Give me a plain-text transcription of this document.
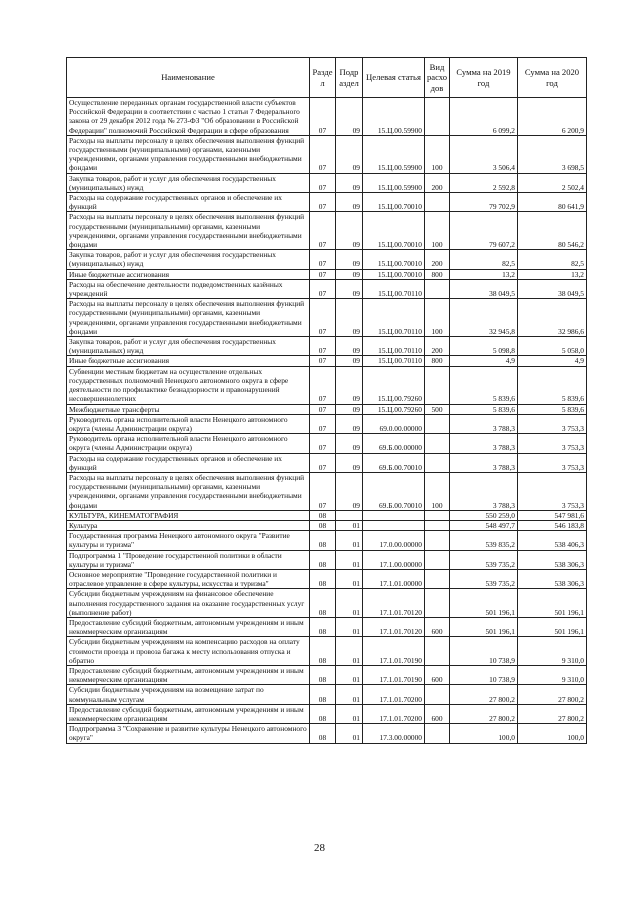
Наименование	Разде л	Подр аздел	Целевая статья	Вид расхо дов	Сумма на 2019 год	Сумма на 2020 год
Осуществление переданных органам государственной власти субъектов Российской Федерации в соответствии с частью 1 статьи 7 Федерального закона от 29 декабря 2012 года № 273-ФЗ "Об образовании в Российской Федерации" полномочий Российской Федерации в сфере образования	07	09	15.Ц.00.59900		6 099,2	6 200,9
Расходы на выплаты персоналу в целях обеспечения выполнения функций государственными (муниципальными) органами, казенными учреждениями, органами управления государственными внебюджетными фондами	07	09	15.Ц.00.59900	100	3 506,4	3 698,5
Закупка товаров, работ и услуг для обеспечения государственных (муниципальных) нужд	07	09	15.Ц.00.59900	200	2 592,8	2 502,4
Расходы на содержание государственных органов и обеспечение их функций	07	09	15.Ц.00.70010		79 702,9	80 641,9
Расходы на выплаты персоналу в целях обеспечения выполнения функций государственными (муниципальными) органами, казенными учреждениями, органами управления государственными внебюджетными фондами	07	09	15.Ц.00.70010	100	79 607,2	80 546,2
Закупка товаров, работ и услуг для обеспечения государственных (муниципальных) нужд	07	09	15.Ц.00.70010	200	82,5	82,5
Иные бюджетные ассигнования	07	09	15.Ц.00.70010	800	13,2	13,2
Расходы на обеспечение деятельности подведомственных казённых учреждений	07	09	15.Ц.00.70110		38 049,5	38 049,5
Расходы на выплаты персоналу в целях обеспечения выполнения функций государственными (муниципальными) органами, казенными учреждениями, органами управления государственными внебюджетными фондами	07	09	15.Ц.00.70110	100	32 945,8	32 986,6
Закупка товаров, работ и услуг для обеспечения государственных (муниципальных) нужд	07	09	15.Ц.00.70110	200	5 098,8	5 058,0
Иные бюджетные ассигнования	07	09	15.Ц.00.70110	800	4,9	4,9
Субвенции местным бюджетам на осуществление отдельных государственных полномочий Ненецкого автономного округа в сфере деятельности по профилактике безнадзорности и правонарушений несовершеннолетних	07	09	15.Ц.00.79260		5 839,6	5 839,6
Межбюджетные трансферты	07	09	15.Ц.00.79260	500	5 839,6	5 839,6
Руководитель органа исполнительной власти Ненецкого автономного округа (члены Администрации округа)	07	09	69.0.00.00000		3 788,3	3 753,3
Руководитель органа исполнительной власти Ненецкого автономного округа (члены Администрации округа)	07	09	69.Б.00.00000		3 788,3	3 753,3
Расходы на содержание государственных органов и обеспечение их функций	07	09	69.Б.00.70010		3 788,3	3 753,3
Расходы на выплаты персоналу в целях обеспечения выполнения функций государственными (муниципальными) органами, казенными учреждениями, органами управления государственными внебюджетными фондами	07	09	69.Б.00.70010	100	3 788,3	3 753,3
КУЛЬТУРА, КИНЕМАТОГРАФИЯ	08				550 259,0	547 981,6
Культура	08	01			548 497,7	546 183,8
Государственная программа Ненецкого автономного округа "Развитие культуры и туризма"	08	01	17.0.00.00000		539 835,2	538 406,3
Подпрограмма 1 "Проведение государственной политики в области культуры и туризма"	08	01	17.1.00.00000		539 735,2	538 306,3
Основное мероприятие "Проведение государственной политики и отраслевое управление в сфере культуры, искусства и туризма"	08	01	17.1.01.00000		539 735,2	538 306,3
Субсидии бюджетным учреждениям на финансовое обеспечение выполнения государственного задания на оказание государственных услуг (выполнение работ)	08	01	17.1.01.70120		501 196,1	501 196,1
Предоставление субсидий бюджетным, автономным учреждениям и иным некоммерческим организациям	08	01	17.1.01.70120	600	501 196,1	501 196,1
Субсидии бюджетным учреждениям на компенсацию расходов на оплату стоимости проезда и провоза багажа к месту использования отпуска и обратно	08	01	17.1.01.70190		10 738,9	9 310,0
Предоставление субсидий бюджетным, автономным учреждениям и иным некоммерческим организациям	08	01	17.1.01.70190	600	10 738,9	9 310,0
Субсидии бюджетным учреждениям на возмещение затрат по коммунальным услугам	08	01	17.1.01.70200		27 800,2	27 800,2
Предоставление субсидий бюджетным, автономным учреждениям и иным некоммерческим организациям	08	01	17.1.01.70200	600	27 800,2	27 800,2
Подпрограмма 3 "Сохранение и развитие культуры Ненецкого автономного округа"	08	01	17.3.00.00000		100,0	100,0
28
